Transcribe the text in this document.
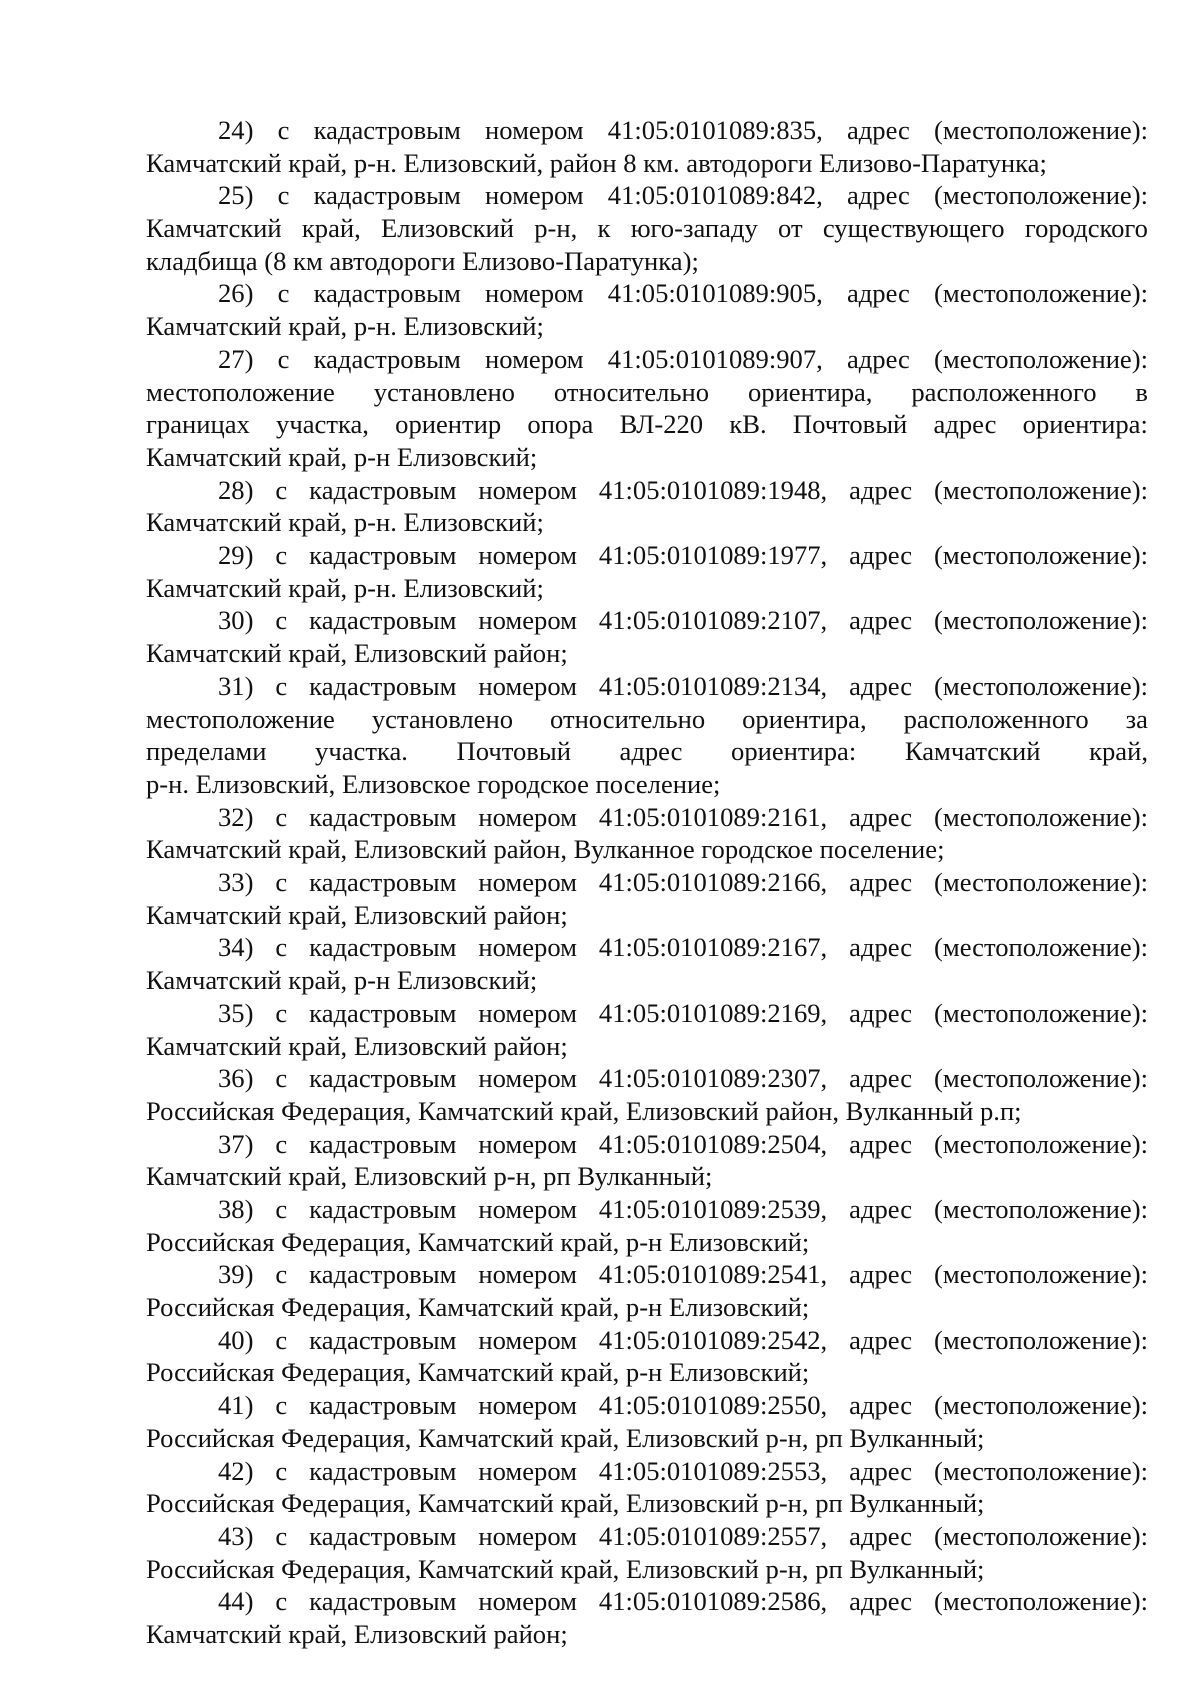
24) с кадастровым номером 41:05:0101089:835, адрес (местоположение):
Камчатский край, р-н. Елизовский, район 8 км. автодороги Елизово-Паратунка;
25) с кадастровым номером 41:05:0101089:842, адрес (местоположение):
Камчатский край, Елизовский р-н, к юго-западу от существующего городского
кладбища (8 км автодороги Елизово-Паратунка);
26) с кадастровым номером 41:05:0101089:905, адрес (местоположение):
Камчатский край, р-н. Елизовский;
27) с кадастровым номером 41:05:0101089:907, адрес (местоположение):
местоположение установлено относительно ориентира, расположенного в
границах участка, ориентир опора ВЛ-220 кВ. Почтовый адрес ориентира:
Камчатский край, р-н Елизовский;
28) с кадастровым номером 41:05:0101089:1948, адрес (местоположение):
Камчатский край, р-н. Елизовский;
29) с кадастровым номером 41:05:0101089:1977, адрес (местоположение):
Камчатский край, р-н. Елизовский;
30) с кадастровым номером 41:05:0101089:2107, адрес (местоположение):
Камчатский край, Елизовский район;
31) с кадастровым номером 41:05:0101089:2134, адрес (местоположение):
местоположение установлено относительно ориентира, расположенного за
пределами участка. Почтовый адрес ориентира: Камчатский край,
р-н. Елизовский, Елизовское городское поселение;
32) с кадастровым номером 41:05:0101089:2161, адрес (местоположение):
Камчатский край, Елизовский район, Вулканное городское поселение;
33) с кадастровым номером 41:05:0101089:2166, адрес (местоположение):
Камчатский край, Елизовский район;
34) с кадастровым номером 41:05:0101089:2167, адрес (местоположение):
Камчатский край, р-н Елизовский;
35) с кадастровым номером 41:05:0101089:2169, адрес (местоположение):
Камчатский край, Елизовский район;
36) с кадастровым номером 41:05:0101089:2307, адрес (местоположение):
Российская Федерация, Камчатский край, Елизовский район, Вулканный р.п;
37) с кадастровым номером 41:05:0101089:2504, адрес (местоположение):
Камчатский край, Елизовский р-н, рп Вулканный;
38) с кадастровым номером 41:05:0101089:2539, адрес (местоположение):
Российская Федерация, Камчатский край, р-н Елизовский;
39) с кадастровым номером 41:05:0101089:2541, адрес (местоположение):
Российская Федерация, Камчатский край, р-н Елизовский;
40) с кадастровым номером 41:05:0101089:2542, адрес (местоположение):
Российская Федерация, Камчатский край, р-н Елизовский;
41) с кадастровым номером 41:05:0101089:2550, адрес (местоположение):
Российская Федерация, Камчатский край, Елизовский р-н, рп Вулканный;
42) с кадастровым номером 41:05:0101089:2553, адрес (местоположение):
Российская Федерация, Камчатский край, Елизовский р-н, рп Вулканный;
43) с кадастровым номером 41:05:0101089:2557, адрес (местоположение):
Российская Федерация, Камчатский край, Елизовский р-н, рп Вулканный;
44) с кадастровым номером 41:05:0101089:2586, адрес (местоположение):
Камчатский край, Елизовский район;
